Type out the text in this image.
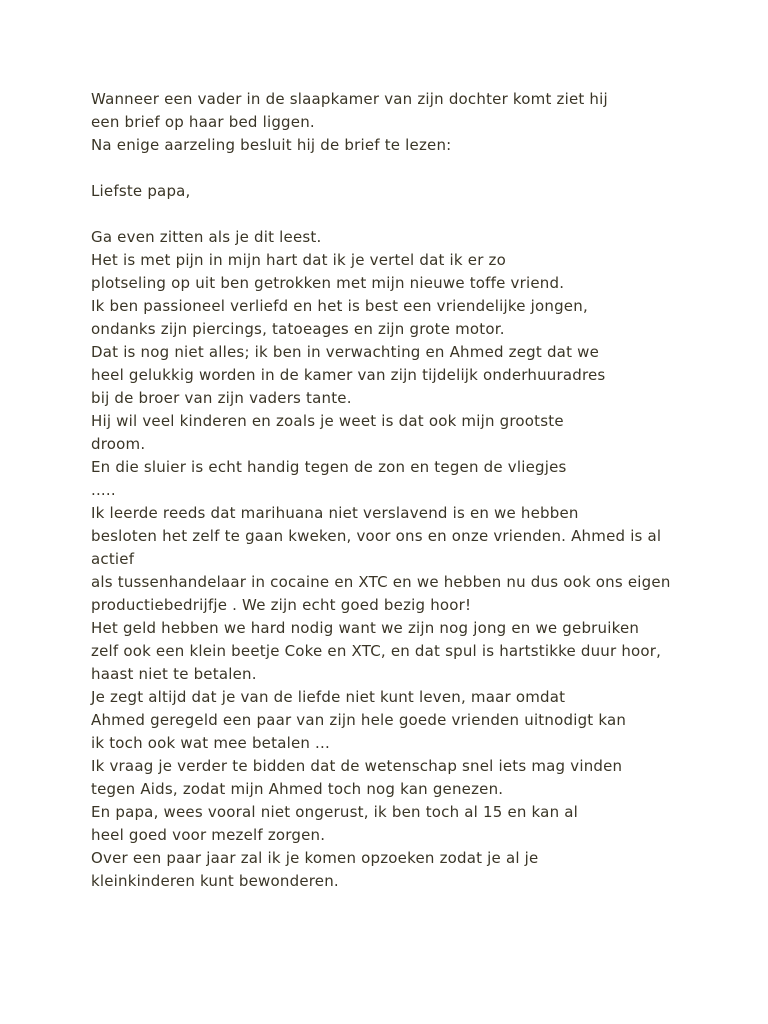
Wanneer een vader in de slaapkamer van zijn dochter komt ziet hij
een brief op haar bed liggen.
Na enige aarzeling besluit hij de brief te lezen:
Liefste papa,
Ga even zitten als je dit leest.
Het is met pijn in mijn hart dat ik je vertel dat ik er zo
plotseling op uit ben getrokken met mijn nieuwe toffe vriend.
Ik ben passioneel verliefd en het is best een vriendelijke jongen,
ondanks zijn piercings, tatoeages en zijn grote motor.
Dat is nog niet alles; ik ben in verwachting en Ahmed zegt dat we
heel gelukkig worden in de kamer van zijn tijdelijk onderhuuradres
bij de broer van zijn vaders tante.
Hij wil veel kinderen en zoals je weet is dat ook mijn grootste
droom.
En die sluier is echt handig tegen de zon en tegen de vliegjes
.....
Ik leerde reeds dat marihuana niet verslavend is en we hebben
besloten het zelf te gaan kweken, voor ons en onze vrienden. Ahmed is al
actief
als tussenhandelaar in cocaine en XTC en we hebben nu dus ook ons eigen
productiebedrijfje . We zijn echt goed bezig hoor!
Het geld hebben we hard nodig want we zijn nog jong en we gebruiken
zelf ook een klein beetje Coke en XTC, en dat spul is hartstikke duur hoor,
haast niet te betalen.
Je zegt altijd dat je van de liefde niet kunt leven, maar omdat
Ahmed geregeld een paar van zijn hele goede vrienden uitnodigt kan
ik toch ook wat mee betalen ...
Ik vraag je verder te bidden dat de wetenschap snel iets mag vinden
tegen Aids, zodat mijn Ahmed toch nog kan genezen.
En papa, wees vooral niet ongerust, ik ben toch al 15 en kan al
heel goed voor mezelf zorgen.
Over een paar jaar zal ik je komen opzoeken zodat je al je
kleinkinderen kunt bewonderen.
